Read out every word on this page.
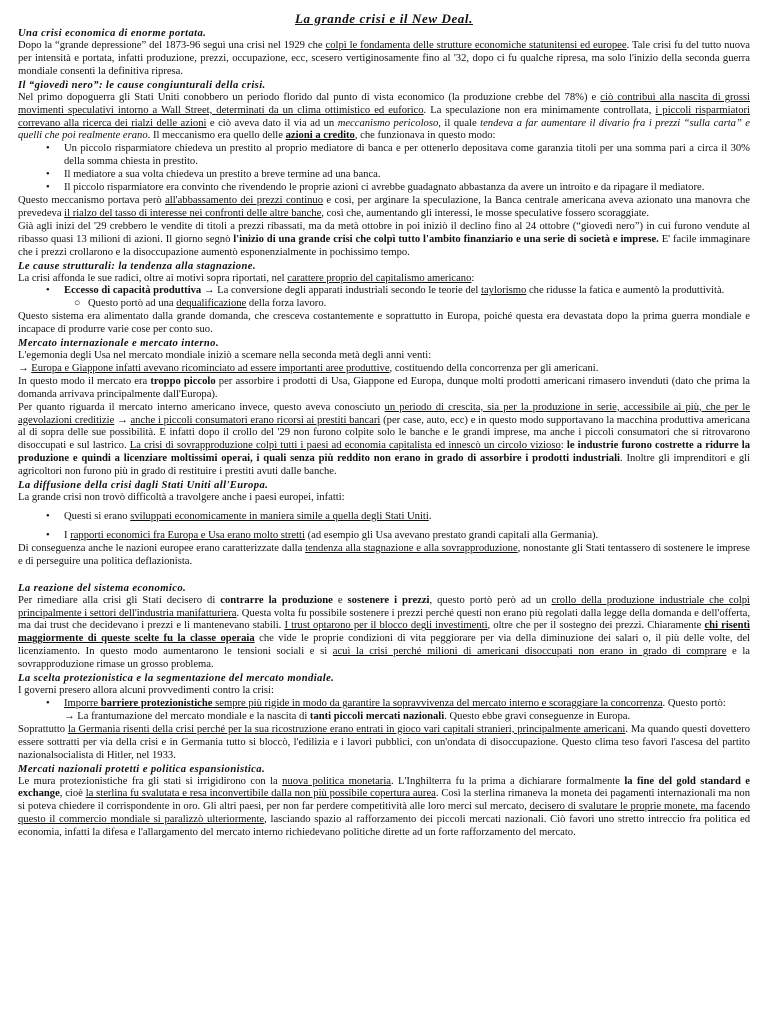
La grande crisi e il New Deal.
Una crisi economica di enorme portata.

Dopo la “grande depressione” del 1873-96 seguì una crisi nel 1929 che colpì le fondamenta delle strutture economiche statunitensi ed europee. Tale crisi fu del tutto nuova per intensità e portata, infatti produzione, prezzi, occupazione, ecc, scesero vertiginosamente fino al '32, dopo ci fu qualche ripresa, ma solo l'inizio della seconda guerra mondiale consentì la definitiva ripresa.

Il “giovedì nero”: le cause congiunturali della crisi.

Nel primo dopoguerra gli Stati Uniti conobbero un periodo florido dal punto di vista economico (la produzione crebbe del 78%) e ciò contribuì alla nascita di grossi movimenti speculativi intorno a Wall Street, determinati da un clima ottimistico ed euforico. La speculazione non era minimamente controllata, i piccoli risparmiatori correvano alla ricerca dei rialzi delle azioni e ciò aveva dato il via ad un meccanismo pericoloso, il quale tendeva a far aumentare il divario fra i prezzi “sulla carta” e quelli che poi realmente erano. Il meccanismo era quello delle azioni a credito, che funzionava in questo modo:

• Un piccolo risparmiatore chiedeva un prestito al proprio mediatore di banca e per ottenerlo depositava come garanzia titoli per una somma pari a circa il 30% della somma chiesta in prestito.
• Il mediatore a sua volta chiedeva un prestito a breve termine ad una banca.
• Il piccolo risparmiatore era convinto che rivendendo le proprie azioni ci avrebbe guadagnato abbastanza da avere un introito e da ripagare il mediatore.

Questo meccanismo portava però all'abbassamento dei prezzi continuo e così, per arginare la speculazione, la Banca centrale americana aveva azionato una manovra che prevedeva il rialzo del tasso di interesse nei confronti delle altre banche, così che, aumentando gli interessi, le mosse speculative fossero scoraggiate.

Già agli inizi del '29 crebbero le vendite di titoli a prezzi ribassati, ma da metà ottobre in poi iniziò il declino fino al 24 ottobre (“giovedì nero”) in cui furono vendute al ribasso quasi 13 milioni di azioni. Il giorno segnò l'inizio di una grande crisi che colpì tutto l'ambito finanziario e una serie di società e imprese. E' facile immaginare che i prezzi crollarono e la disoccupazione aumentò esponenzialmente in pochissimo tempo.

Le cause strutturali: la tendenza alla stagnazione.

La crisi affonda le sue radici, oltre ai motivi sopra riportati, nel carattere proprio del capitalismo americano:

• Eccesso di capacità produttiva → La conversione degli apparati industriali secondo le teorie del taylorismo che ridusse la fatica e aumentò la produttività.
○ Questo portò ad una dequalificazione della forza lavoro.

Questo sistema era alimentato dalla grande domanda, che cresceva costantemente e soprattutto in Europa, poiché questa era devastata dopo la prima guerra mondiale e incapace di produrre varie cose per conto suo.

Mercato internazionale e mercato interno.

L'egemonia degli Usa nel mercato mondiale iniziò a scemare nella seconda metà degli anni venti:

→ Europa e Giappone infatti avevano ricominciato ad essere importanti aree produttive, costituendo della concorrenza per gli americani.

In questo modo il mercato era troppo piccolo per assorbire i prodotti di Usa, Giappone ed Europa, dunque molti prodotti americani rimasero invenduti (dato che prima la domanda arrivava principalmente dall'Europa).

Per quanto riguarda il mercato interno americano invece, questo aveva conosciuto un periodo di crescita, sia per la produzione in serie, accessibile ai più, che per le agevolazioni creditizie → anche i piccoli consumatori erano ricorsi ai prestiti bancari (per case, auto, ecc) e in questo modo supportavano la macchina produttiva americana al di sopra delle sue possibilità. E infatti dopo il crollo del '29 non furono colpite solo le banche e le grandi imprese, ma anche i piccoli consumatori che si ritrovarono disoccupati e sul lastrico. La crisi di sovrapproduzione colpì tutti i paesi ad economia capitalista ed innescò un circolo vizioso: le industrie furono costrette a ridurre la produzione e quindi a licenziare moltissimi operai, i quali senza più reddito non erano in grado di assorbire i prodotti industriali. Inoltre gli imprenditori e gli agricoltori non furono più in grado di restituire i prestiti avuti dalle banche.

La diffusione della crisi dagli Stati Uniti all'Europa.

La grande crisi non trovò difficoltà a travolgere anche i paesi europei, infatti:

• Questi si erano sviluppati economicamente in maniera simile a quella degli Stati Uniti.
• I rapporti economici fra Europa e Usa erano molto stretti (ad esempio gli Usa avevano prestato grandi capitali alla Germania).

Di conseguenza anche le nazioni europee erano caratterizzate dalla tendenza alla stagnazione e alla sovrapproduzione, nonostante gli Stati tentassero di sostenere le imprese e di perseguire una politica deflazionista.

La reazione del sistema economico.

Per rimediare alla crisi gli Stati decisero di contrarre la produzione e sostenere i prezzi, questo portò però ad un crollo della produzione industriale che colpì principalmente i settori dell'industria manifatturiera. Questa volta fu possibile sostenere i prezzi perché questi non erano più regolati dalla legge della domanda e dell'offerta, ma dai trust che decidevano i prezzi e li mantenevano stabili. I trust optarono per il blocco degli investimenti, oltre che per il sostegno dei prezzi. Chiaramente chi risentì maggiormente di queste scelte fu la classe operaia che vide le proprie condizioni di vita peggiorare per via della diminuzione dei salari o, il più delle volte, del licenziamento. In questo modo aumentarono le tensioni sociali e si acuì la crisi perché milioni di americani disoccupati non erano in grado di comprare e la sovrapproduzione rimase un grosso problema.

La scelta protezionistica e la segmentazione del mercato mondiale.

I governi presero allora alcuni provvedimenti contro la crisi:

• Imporre barriere protezionistiche sempre più rigide in modo da garantire la sopravvivenza del mercato interno e scoraggiare la concorrenza. Questo portò:
→ La frantumazione del mercato mondiale e la nascita di tanti piccoli mercati nazionali. Questo ebbe gravi conseguenze in Europa.

Soprattutto la Germania risentì della crisi perché per la sua ricostruzione erano entrati in gioco vari capitali stranieri, principalmente americani. Ma quando questi dovettero essere sottratti per via della crisi e in Germania tutto si bloccò, l'edilizia e i lavori pubblici, con un'ondata di disoccupazione. Questo clima teso favorì l'ascesa del partito nazionalsocialista di Hitler, nel 1933.

Mercati nazionali protetti e politica espansionistica.

Le mura protezionistiche fra gli stati si irrigidirono con la nuova politica monetaria. L'Inghilterra fu la prima a dichiarare formalmente la fine del gold standard e exchange, cioè la sterlina fu svalutata e resa inconvertibile dalla non più possibile copertura aurea. Così la sterlina rimaneva la moneta dei pagamenti internazionali ma non si poteva chiedere il corrispondente in oro. Gli altri paesi, per non far perdere competitività alle loro merci sul mercato, decisero di svalutare le proprie monete, ma facendo questo il commercio mondiale si paralizzò ulteriormente, lasciando spazio al rafforzamento dei piccoli mercati nazionali. Ciò favorì uno stretto intreccio fra politica ed economia, infatti la difesa e l'allargamento del mercato interno richiedevano politiche dirette ad un forte rafforzamento del mercato.
